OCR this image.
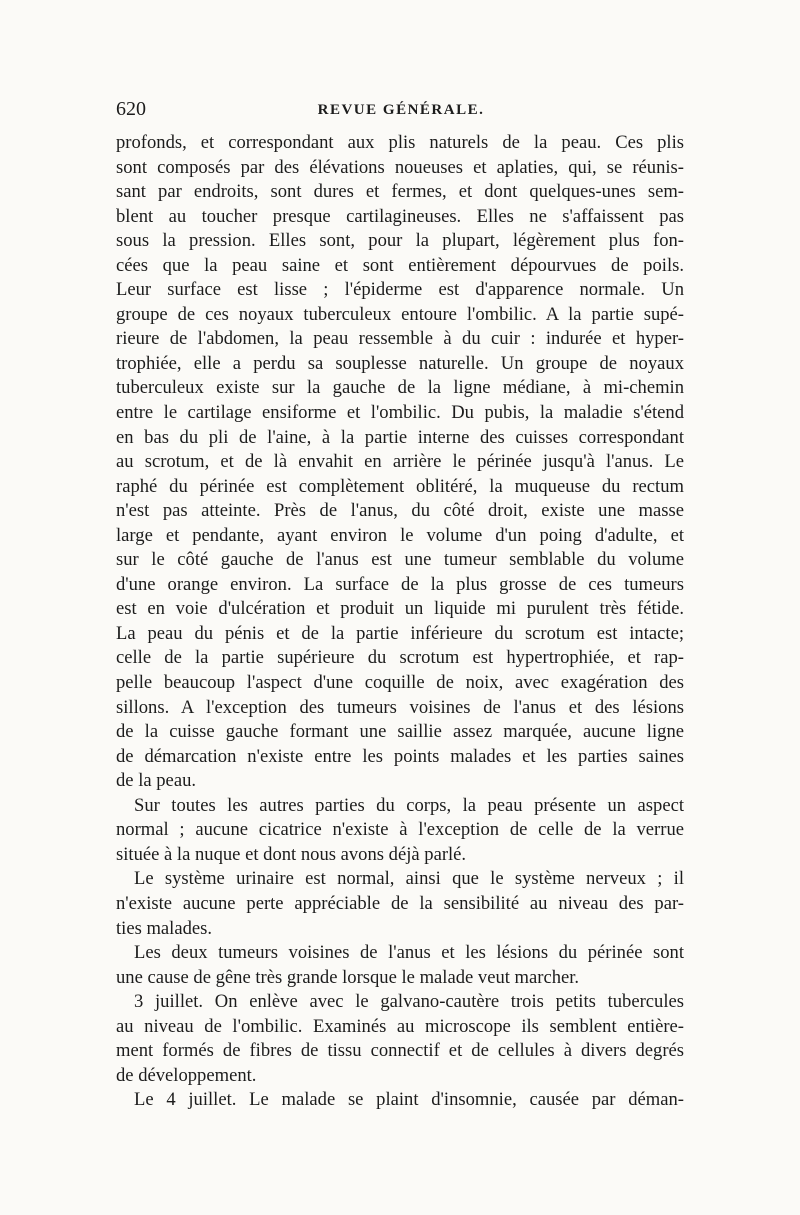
620	REVUE GÉNÉRALE.
profonds, et correspondant aux plis naturels de la peau. Ces plis
sont composés par des élévations noueuses et aplaties, qui, se réunis-
sant par endroits, sont dures et fermes, et dont quelques-unes sem-
blent au toucher presque cartilagineuses. Elles ne s'affaissent pas
sous la pression. Elles sont, pour la plupart, légèrement plus fon-
cées que la peau saine et sont entièrement dépourvues de poils.
Leur surface est lisse ; l'épiderme est d'apparence normale. Un
groupe de ces noyaux tuberculeux entoure l'ombilic. A la partie supé-
rieure de l'abdomen, la peau ressemble à du cuir : indurée et hyper-
trophiée, elle a perdu sa souplesse naturelle. Un groupe de noyaux
tuberculeux existe sur la gauche de la ligne médiane, à mi-chemin
entre le cartilage ensiforme et l'ombilic. Du pubis, la maladie s'étend
en bas du pli de l'aine, à la partie interne des cuisses correspondant
au scrotum, et de là envahit en arrière le périnée jusqu'à l'anus. Le
raphé du périnée est complètement oblitéré, la muqueuse du rectum
n'est pas atteinte. Près de l'anus, du côté droit, existe une masse
large et pendante, ayant environ le volume d'un poing d'adulte, et
sur le côté gauche de l'anus est une tumeur semblable du volume
d'une orange environ. La surface de la plus grosse de ces tumeurs
est en voie d'ulcération et produit un liquide mi purulent très fétide.
La peau du pénis et de la partie inférieure du scrotum est intacte;
celle de la partie supérieure du scrotum est hypertrophiée, et rap-
pelle beaucoup l'aspect d'une coquille de noix, avec exagération des
sillons. A l'exception des tumeurs voisines de l'anus et des lésions
de la cuisse gauche formant une saillie assez marquée, aucune ligne
de démarcation n'existe entre les points malades et les parties saines
de la peau.
Sur toutes les autres parties du corps, la peau présente un aspect
normal ; aucune cicatrice n'existe à l'exception de celle de la verrue
située à la nuque et dont nous avons déjà parlé.
Le système urinaire est normal, ainsi que le système nerveux ; il
n'existe aucune perte appréciable de la sensibilité au niveau des par-
ties malades.
Les deux tumeurs voisines de l'anus et les lésions du périnée sont
une cause de gêne très grande lorsque le malade veut marcher.
3 juillet. On enlève avec le galvano-cautère trois petits tubercules
au niveau de l'ombilic. Examinés au microscope ils semblent entière-
ment formés de fibres de tissu connectif et de cellules à divers degrés
de développement.
Le 4 juillet. Le malade se plaint d'insomnie, causée par déman-
